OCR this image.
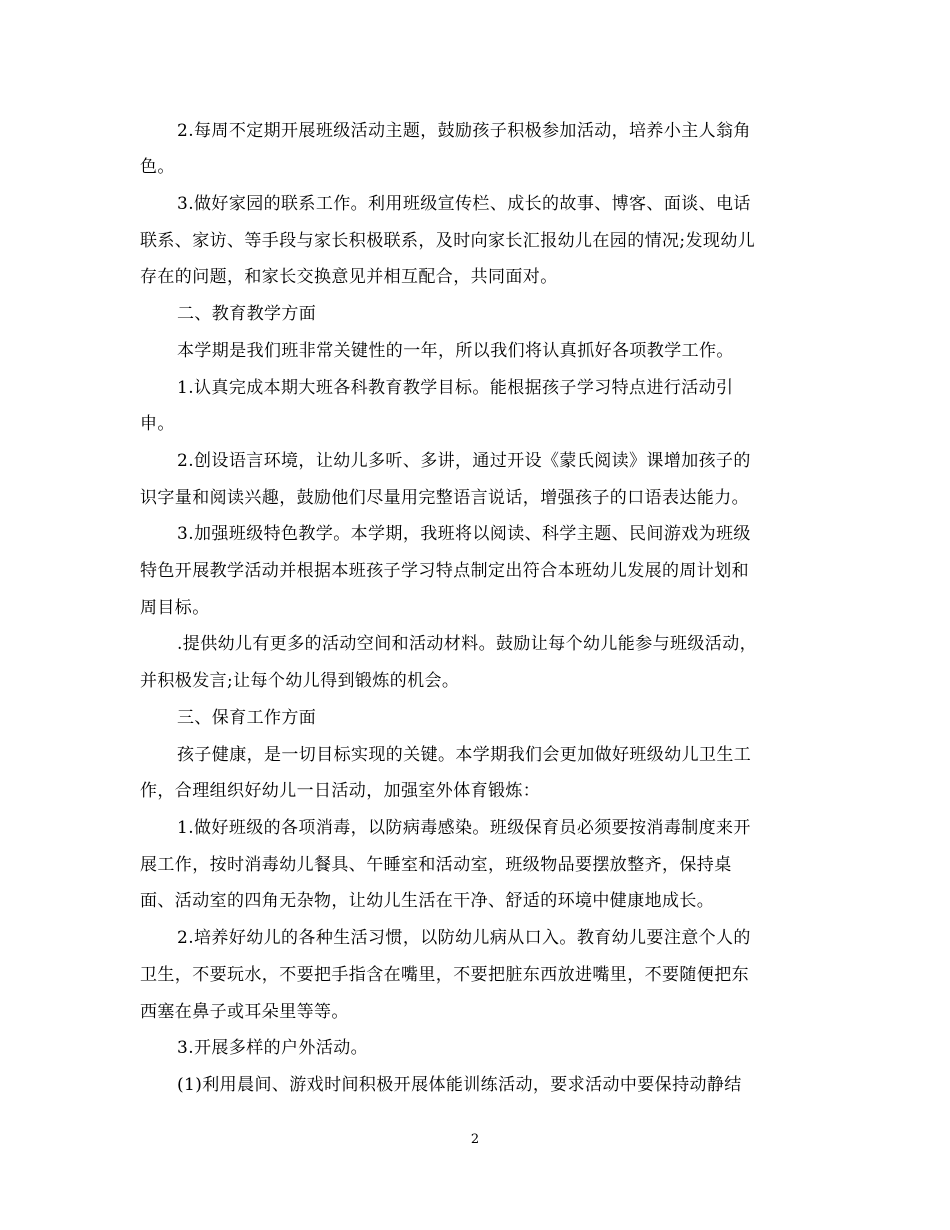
2.每周不定期开展班级活动主题，鼓励孩子积极参加活动，培养小主人翁角
色。
3.做好家园的联系工作。利用班级宣传栏、成长的故事、博客、面谈、电话
联系、家访、等手段与家长积极联系，及时向家长汇报幼儿在园的情况;发现幼儿
存在的问题，和家长交换意见并相互配合，共同面对。
二、教育教学方面
本学期是我们班非常关键性的一年，所以我们将认真抓好各项教学工作。
1.认真完成本期大班各科教育教学目标。能根据孩子学习特点进行活动引
申。
2.创设语言环境，让幼儿多听、多讲，通过开设《蒙氏阅读》课增加孩子的
识字量和阅读兴趣，鼓励他们尽量用完整语言说话，增强孩子的口语表达能力。
3.加强班级特色教学。本学期，我班将以阅读、科学主题、民间游戏为班级
特色开展教学活动并根据本班孩子学习特点制定出符合本班幼儿发展的周计划和
周目标。
.提供幼儿有更多的活动空间和活动材料。鼓励让每个幼儿能参与班级活动，
并积极发言;让每个幼儿得到锻炼的机会。
三、保育工作方面
孩子健康，是一切目标实现的关键。本学期我们会更加做好班级幼儿卫生工
作，合理组织好幼儿一日活动，加强室外体育锻炼：
1.做好班级的各项消毒，以防病毒感染。班级保育员必须要按消毒制度来开
展工作，按时消毒幼儿餐具、午睡室和活动室，班级物品要摆放整齐，保持桌
面、活动室的四角无杂物，让幼儿生活在干净、舒适的环境中健康地成长。
2.培养好幼儿的各种生活习惯，以防幼儿病从口入。教育幼儿要注意个人的
卫生，不要玩水，不要把手指含在嘴里，不要把脏东西放进嘴里，不要随便把东
西塞在鼻子或耳朵里等等。
3.开展多样的户外活动。
(1)利用晨间、游戏时间积极开展体能训练活动，要求活动中要保持动静结
2
